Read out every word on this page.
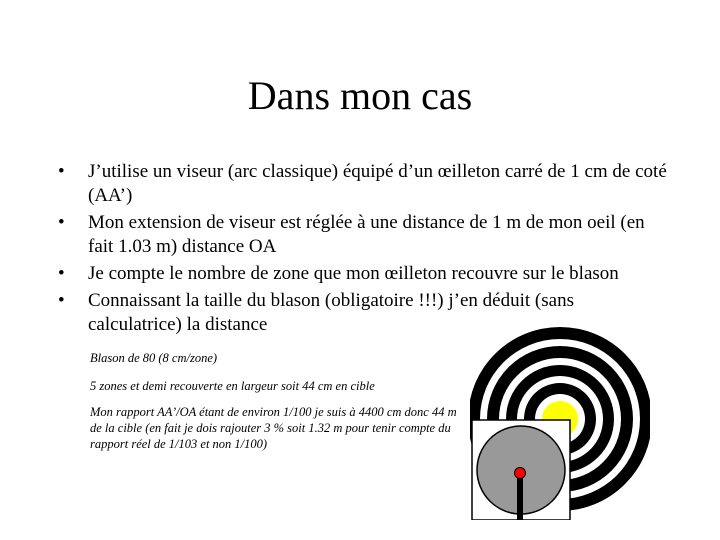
Dans mon cas
• J’utilise un viseur (arc classique) équipé d’un œilleton carré de 1 cm de coté (AA’)
• Mon extension de viseur est réglée à une distance de 1 m de mon oeil (en fait 1.03 m) distance OA
• Je compte le nombre de zone que mon œilleton recouvre sur le blason
• Connaissant la taille du blason (obligatoire !!!) j’en déduit (sans calculatrice) la distance
Blason de 80 (8 cm/zone)
5 zones et demi recouverte en largeur soit 44 cm en cible
Mon rapport AA’/OA étant de environ 1/100 je suis à 4400 cm donc 44 m de la cible (en fait je dois rajouter 3 % soit 1.32 m pour tenir compte du rapport réel de 1/103 et non 1/100)
